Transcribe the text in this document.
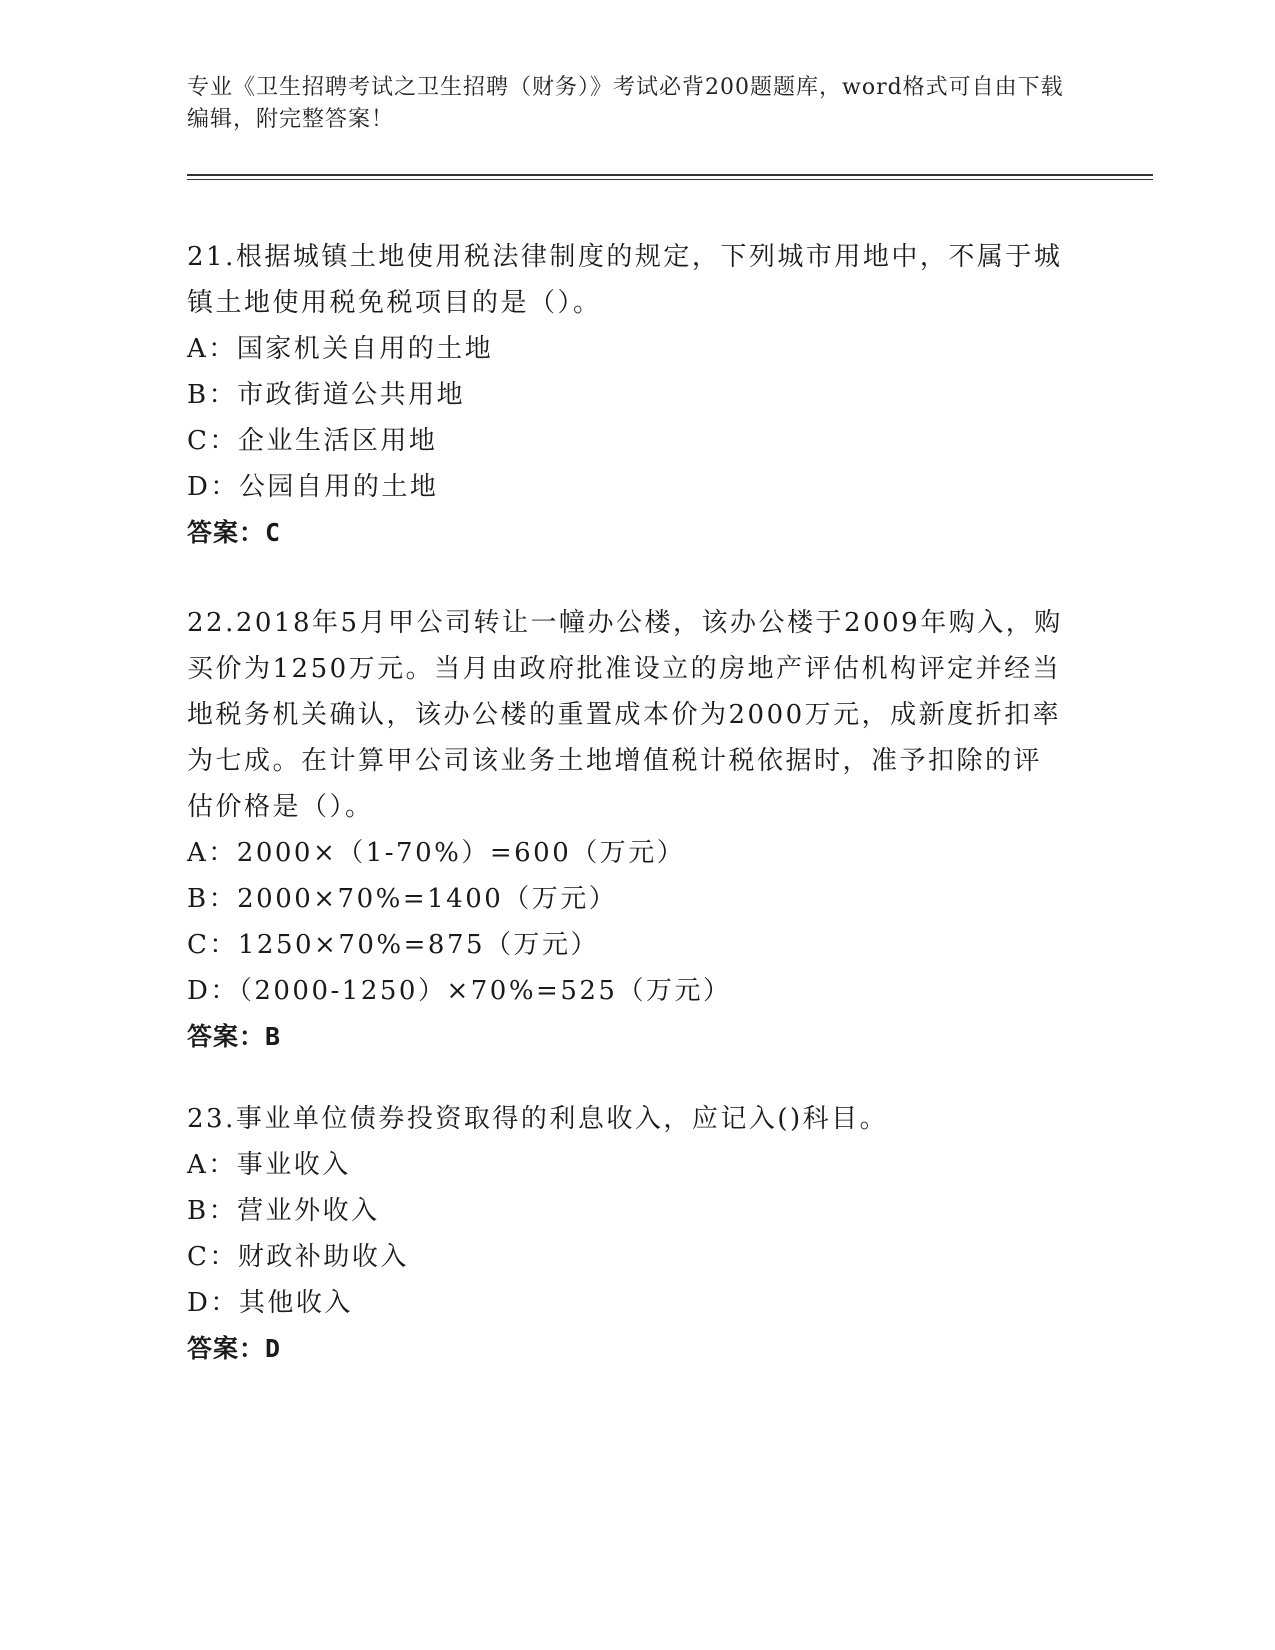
专业《卫生招聘考试之卫生招聘（财务）》考试必背200题题库，word格式可自由下载编辑，附完整答案！

21.根据城镇土地使用税法律制度的规定，下列城市用地中，不属于城镇土地使用税免税项目的是（）。

A：国家机关自用的土地

B：市政街道公共用地

C：企业生活区用地

D：公园自用的土地

答案：C

22.2018年5月甲公司转让一幢办公楼，该办公楼于2009年购入，购买价为1250万元。当月由政府批准设立的房地产评估机构评定并经当地税务机关确认，该办公楼的重置成本价为2000万元，成新度折扣率为七成。在计算甲公司该业务土地增值税计税依据时，准予扣除的评估价格是（）。

A：2000×（1-70%）=600（万元）

B：2000×70%=1400（万元）

C：1250×70%=875（万元）

D：（2000-1250）×70%=525（万元）

答案：B

23.事业单位债券投资取得的利息收入，应记入()科目。

A：事业收入

B：营业外收入

C：财政补助收入

D：其他收入

答案：D
